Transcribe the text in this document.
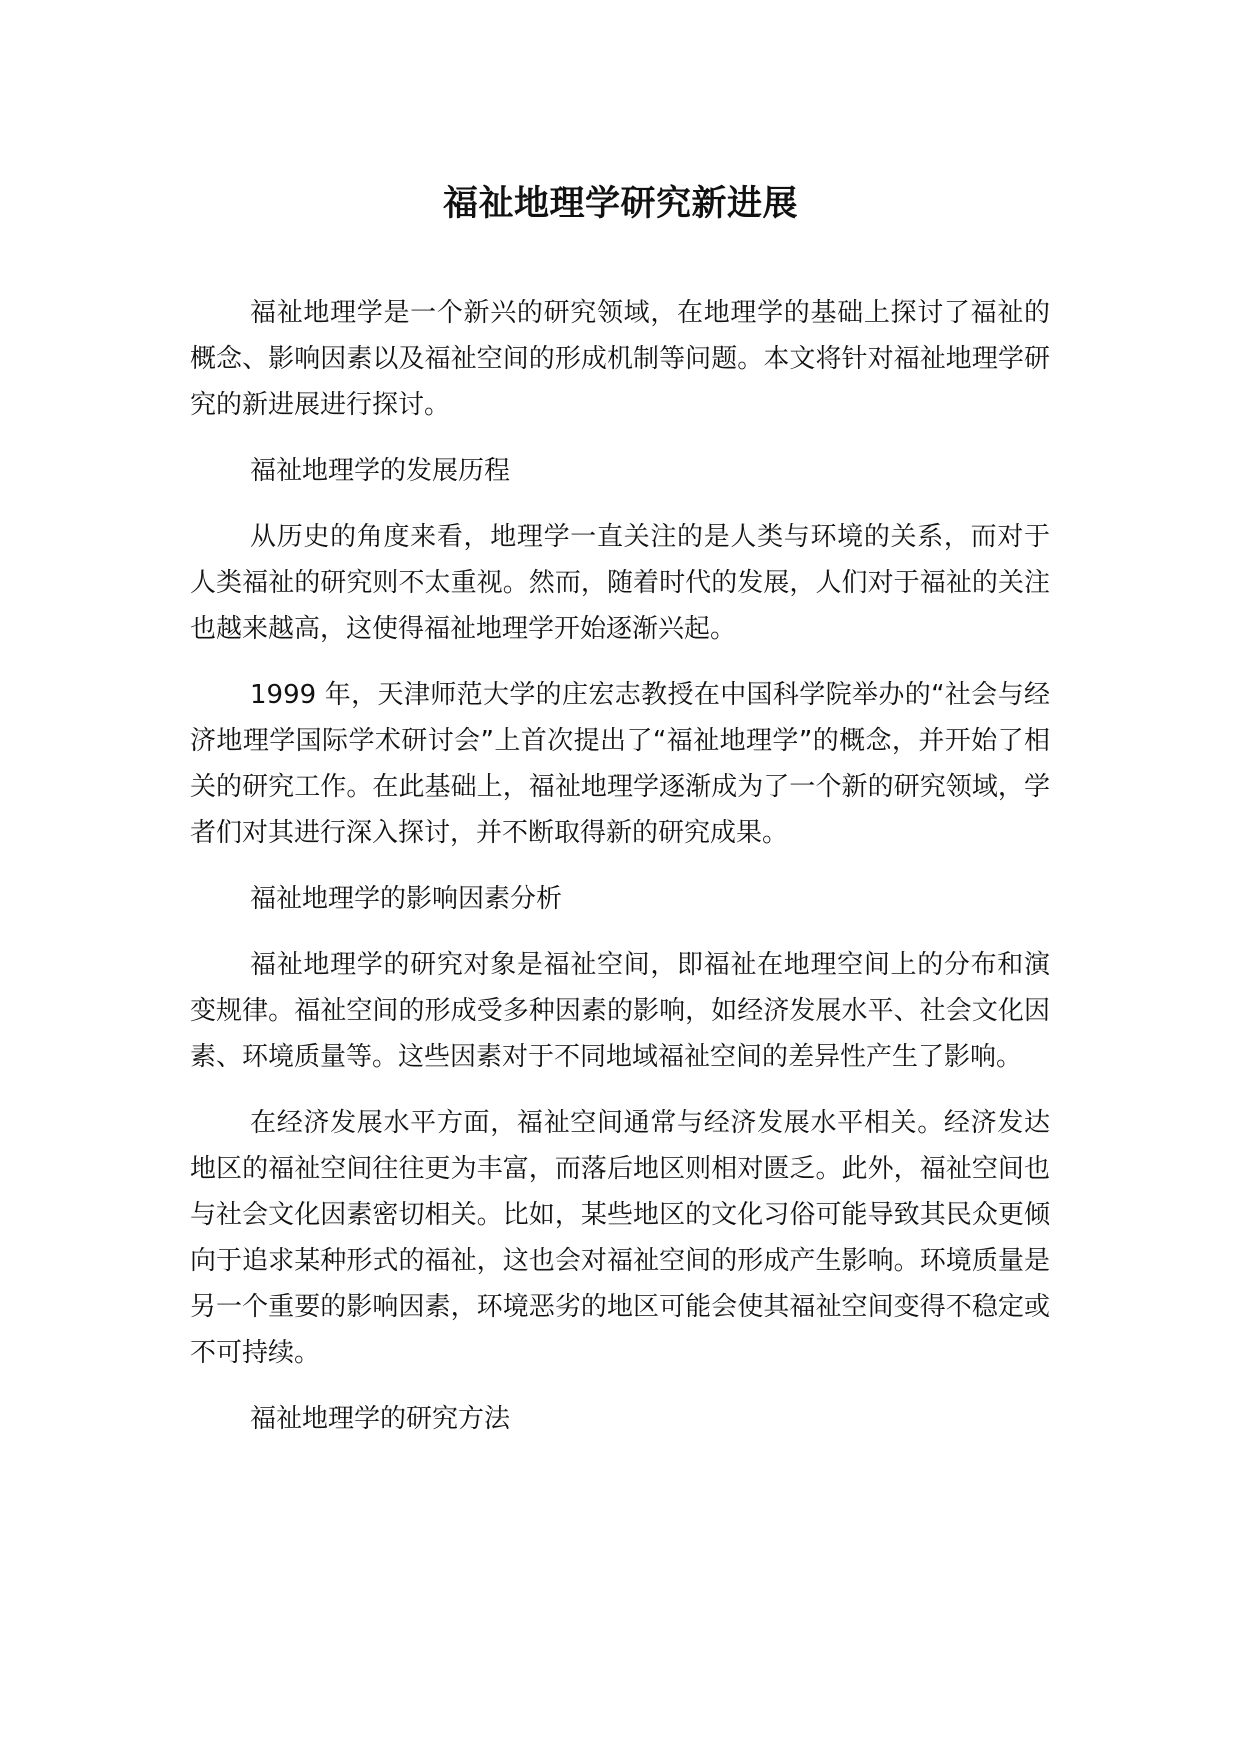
福祉地理学研究新进展

福祉地理学是一个新兴的研究领域，在地理学的基础上探讨了福祉的概念、影响因素以及福祉空间的形成机制等问题。本文将针对福祉地理学研究的新进展进行探讨。

福祉地理学的发展历程

从历史的角度来看，地理学一直关注的是人类与环境的关系，而对于人类福祉的研究则不太重视。然而，随着时代的发展，人们对于福祉的关注也越来越高，这使得福祉地理学开始逐渐兴起。

1999 年，天津师范大学的庄宏志教授在中国科学院举办的“社会与经济地理学国际学术研讨会”上首次提出了“福祉地理学”的概念，并开始了相关的研究工作。在此基础上，福祉地理学逐渐成为了一个新的研究领域，学者们对其进行深入探讨，并不断取得新的研究成果。

福祉地理学的影响因素分析

福祉地理学的研究对象是福祉空间，即福祉在地理空间上的分布和演变规律。福祉空间的形成受多种因素的影响，如经济发展水平、社会文化因素、环境质量等。这些因素对于不同地域福祉空间的差异性产生了影响。

在经济发展水平方面，福祉空间通常与经济发展水平相关。经济发达地区的福祉空间往往更为丰富，而落后地区则相对匮乏。此外，福祉空间也与社会文化因素密切相关。比如，某些地区的文化习俗可能导致其民众更倾向于追求某种形式的福祉，这也会对福祉空间的形成产生影响。环境质量是另一个重要的影响因素，环境恶劣的地区可能会使其福祉空间变得不稳定或不可持续。

福祉地理学的研究方法
